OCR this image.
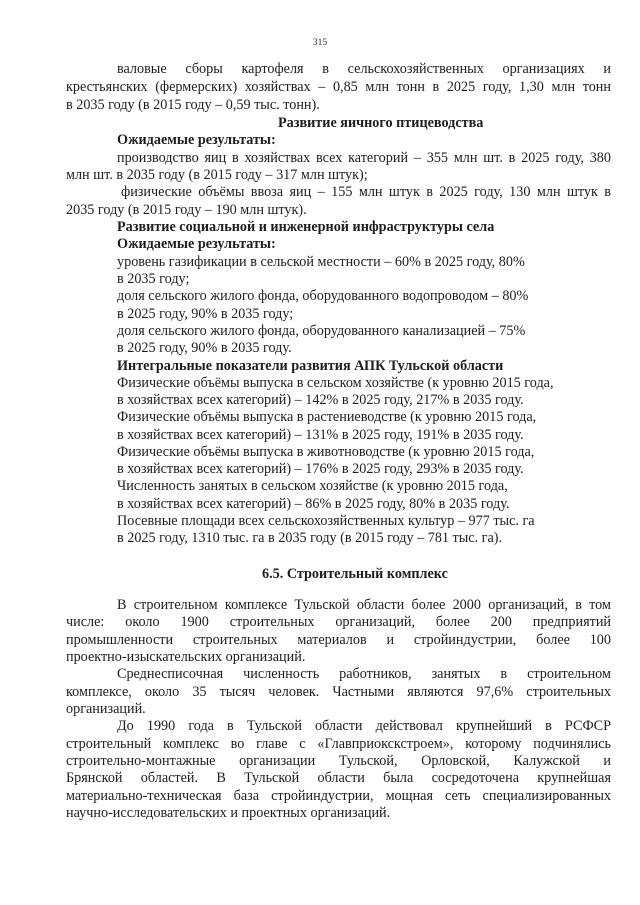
315

валовые сборы картофеля в сельскохозяйственных организациях и

крестьянских (фермерских) хозяйствах – 0,85 млн тонн в 2025 году, 1,30 млн тонн

в 2035 году (в 2015 году – 0,59 тыс. тонн).

Развитие яичного птицеводства

Ожидаемые результаты:

производство яиц в хозяйствах всех категорий – 355 млн шт. в 2025 году, 380

млн шт. в 2035 году (в 2015 году – 317 млн штук);

физические объёмы ввоза яиц – 155 млн штук в 2025 году, 130 млн штук в

2035 году (в 2015 году – 190 млн штук).

Развитие социальной и инженерной инфраструктуры села

Ожидаемые результаты:

уровень газификации в сельской местности – 60% в 2025 году, 80%

в 2035 году;

доля сельского жилого фонда, оборудованного водопроводом – 80%

в 2025 году, 90% в 2035 году;

доля сельского жилого фонда, оборудованного канализацией – 75%

в 2025 году, 90% в 2035 году.

Интегральные показатели развития АПК Тульской области

Физические объёмы выпуска в сельском хозяйстве (к уровню 2015 года,

в хозяйствах всех категорий) – 142% в 2025 году, 217% в 2035 году.

Физические объёмы выпуска в растениеводстве (к уровню 2015 года,

в хозяйствах всех категорий) – 131% в 2025 году, 191% в 2035 году.

Физические объёмы выпуска в животноводстве (к уровню 2015 года,

в хозяйствах всех категорий) – 176% в 2025 году, 293% в 2035 году.

Численность занятых в сельском хозяйстве (к уровню 2015 года,

в хозяйствах всех категорий) – 86% в 2025 году, 80% в 2035 году.

Посевные площади всех сельскохозяйственных культур – 977 тыс. га

в 2025 году, 1310 тыс. га в 2035 году (в 2015 году – 781 тыс. га).

6.5. Строительный комплекс

В строительном комплексе Тульской области более 2000 организаций, в том

числе: около 1900 строительных организаций, более 200 предприятий

промышленности строительных материалов и стройиндустрии, более 100

проектно-изыскательских организаций.

Среднесписочная численность работников, занятых в строительном

комплексе, около 35 тысяч человек. Частными являются 97,6% строительных

организаций.

До 1990 года в Тульской области действовал крупнейший в РСФСР

строительный комплекс во главе с «Главприокскстроем», которому подчинялись

строительно-монтажные организации Тульской, Орловской, Калужской и

Брянской областей. В Тульской области была сосредоточена крупнейшая

материально-техническая база стройиндустрии, мощная сеть специализированных

научно-исследовательских и проектных организаций.
